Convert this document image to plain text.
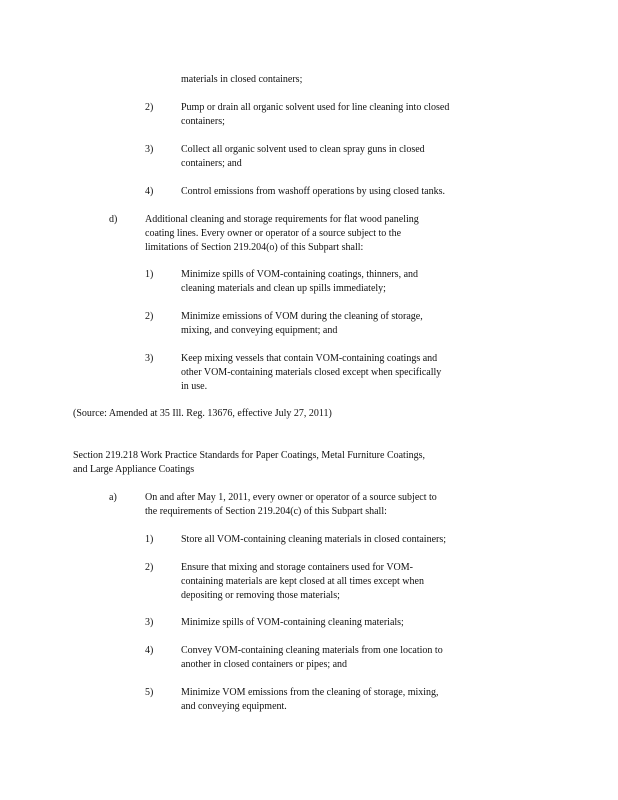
materials in closed containers;
2)	Pump or drain all organic solvent used for line cleaning into closed
containers;
3)	Collect all organic solvent used to clean spray guns in closed
containers; and
4)	Control emissions from washoff operations by using closed tanks.
d)	Additional cleaning and storage requirements for flat wood paneling
coating lines. Every owner or operator of a source subject to the
limitations of Section 219.204(o) of this Subpart shall:
1)	Minimize spills of VOM-containing coatings, thinners, and
cleaning materials and clean up spills immediately;
2)	Minimize emissions of VOM during the cleaning of storage,
mixing, and conveying equipment; and
3)	Keep mixing vessels that contain VOM-containing coatings and
other VOM-containing materials closed except when specifically
in use.
(Source: Amended at 35 Ill. Reg. 13676, effective July 27, 2011)
Section 219.218 Work Practice Standards for Paper Coatings, Metal Furniture Coatings,
and Large Appliance Coatings
a)	On and after May 1, 2011, every owner or operator of a source subject to
the requirements of Section 219.204(c) of this Subpart shall:
1)	Store all VOM-containing cleaning materials in closed containers;
2)	Ensure that mixing and storage containers used for VOM-
containing materials are kept closed at all times except when
depositing or removing those materials;
3)	Minimize spills of VOM-containing cleaning materials;
4)	Convey VOM-containing cleaning materials from one location to
another in closed containers or pipes; and
5)	Minimize VOM emissions from the cleaning of storage, mixing,
and conveying equipment.
